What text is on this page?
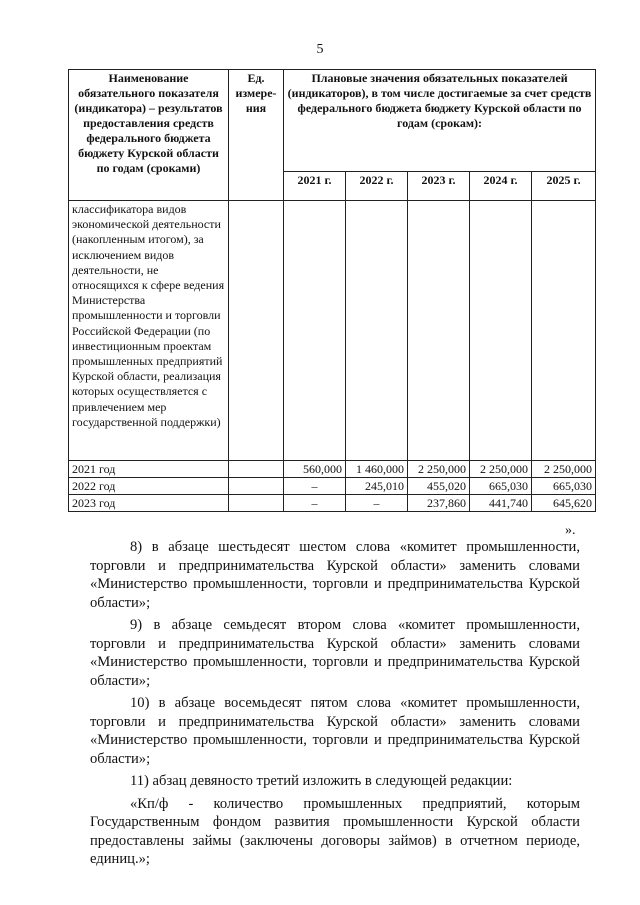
5
Наименование обязательного показателя (индикатора) – результатов предоставления средств федерального бюджета бюджету Курской области по годам (сроками)	Ед. измере-ния	Плановые значения обязательных показателей (индикаторов), в том числе достигаемые за счет средств федерального бюджета бюджету Курской области по годам (срокам):				
		2021 г.	2022 г.	2023 г.	2024 г.	2025 г.
классификатора видов экономической деятельности (накопленным итогом), за исключением видов деятельности, не относящихся к сфере ведения Министерства промышленности и торговли Российской Федерации (по инвестиционным проектам промышленных предприятий Курской области, реализация которых осуществляется с привлечением мер государственной поддержки)						
2021 год		560,000	1 460,000	2 250,000	2 250,000	2 250,000
2022 год		–	245,010	455,020	665,030	665,030
2023 год		–	–	237,860	441,740	645,620
».

8) в абзаце шестьдесят шестом слова «комитет промышленности, торговли и предпринимательства Курской области» заменить словами «Министерство промышленности, торговли и предпринимательства Курской области»;

9) в абзаце семьдесят втором слова «комитет промышленности, торговли и предпринимательства Курской области» заменить словами «Министерство промышленности, торговли и предпринимательства Курской области»;

10) в абзаце восемьдесят пятом слова «комитет промышленности, торговли и предпринимательства Курской области» заменить словами «Министерство промышленности, торговли и предпринимательства Курской области»;

11) абзац девяносто третий изложить в следующей редакции:

«Кп/ф - количество промышленных предприятий, которым Государственным фондом развития промышленности Курской области предоставлены займы (заключены договоры займов) в отчетном периоде, единиц.»;
